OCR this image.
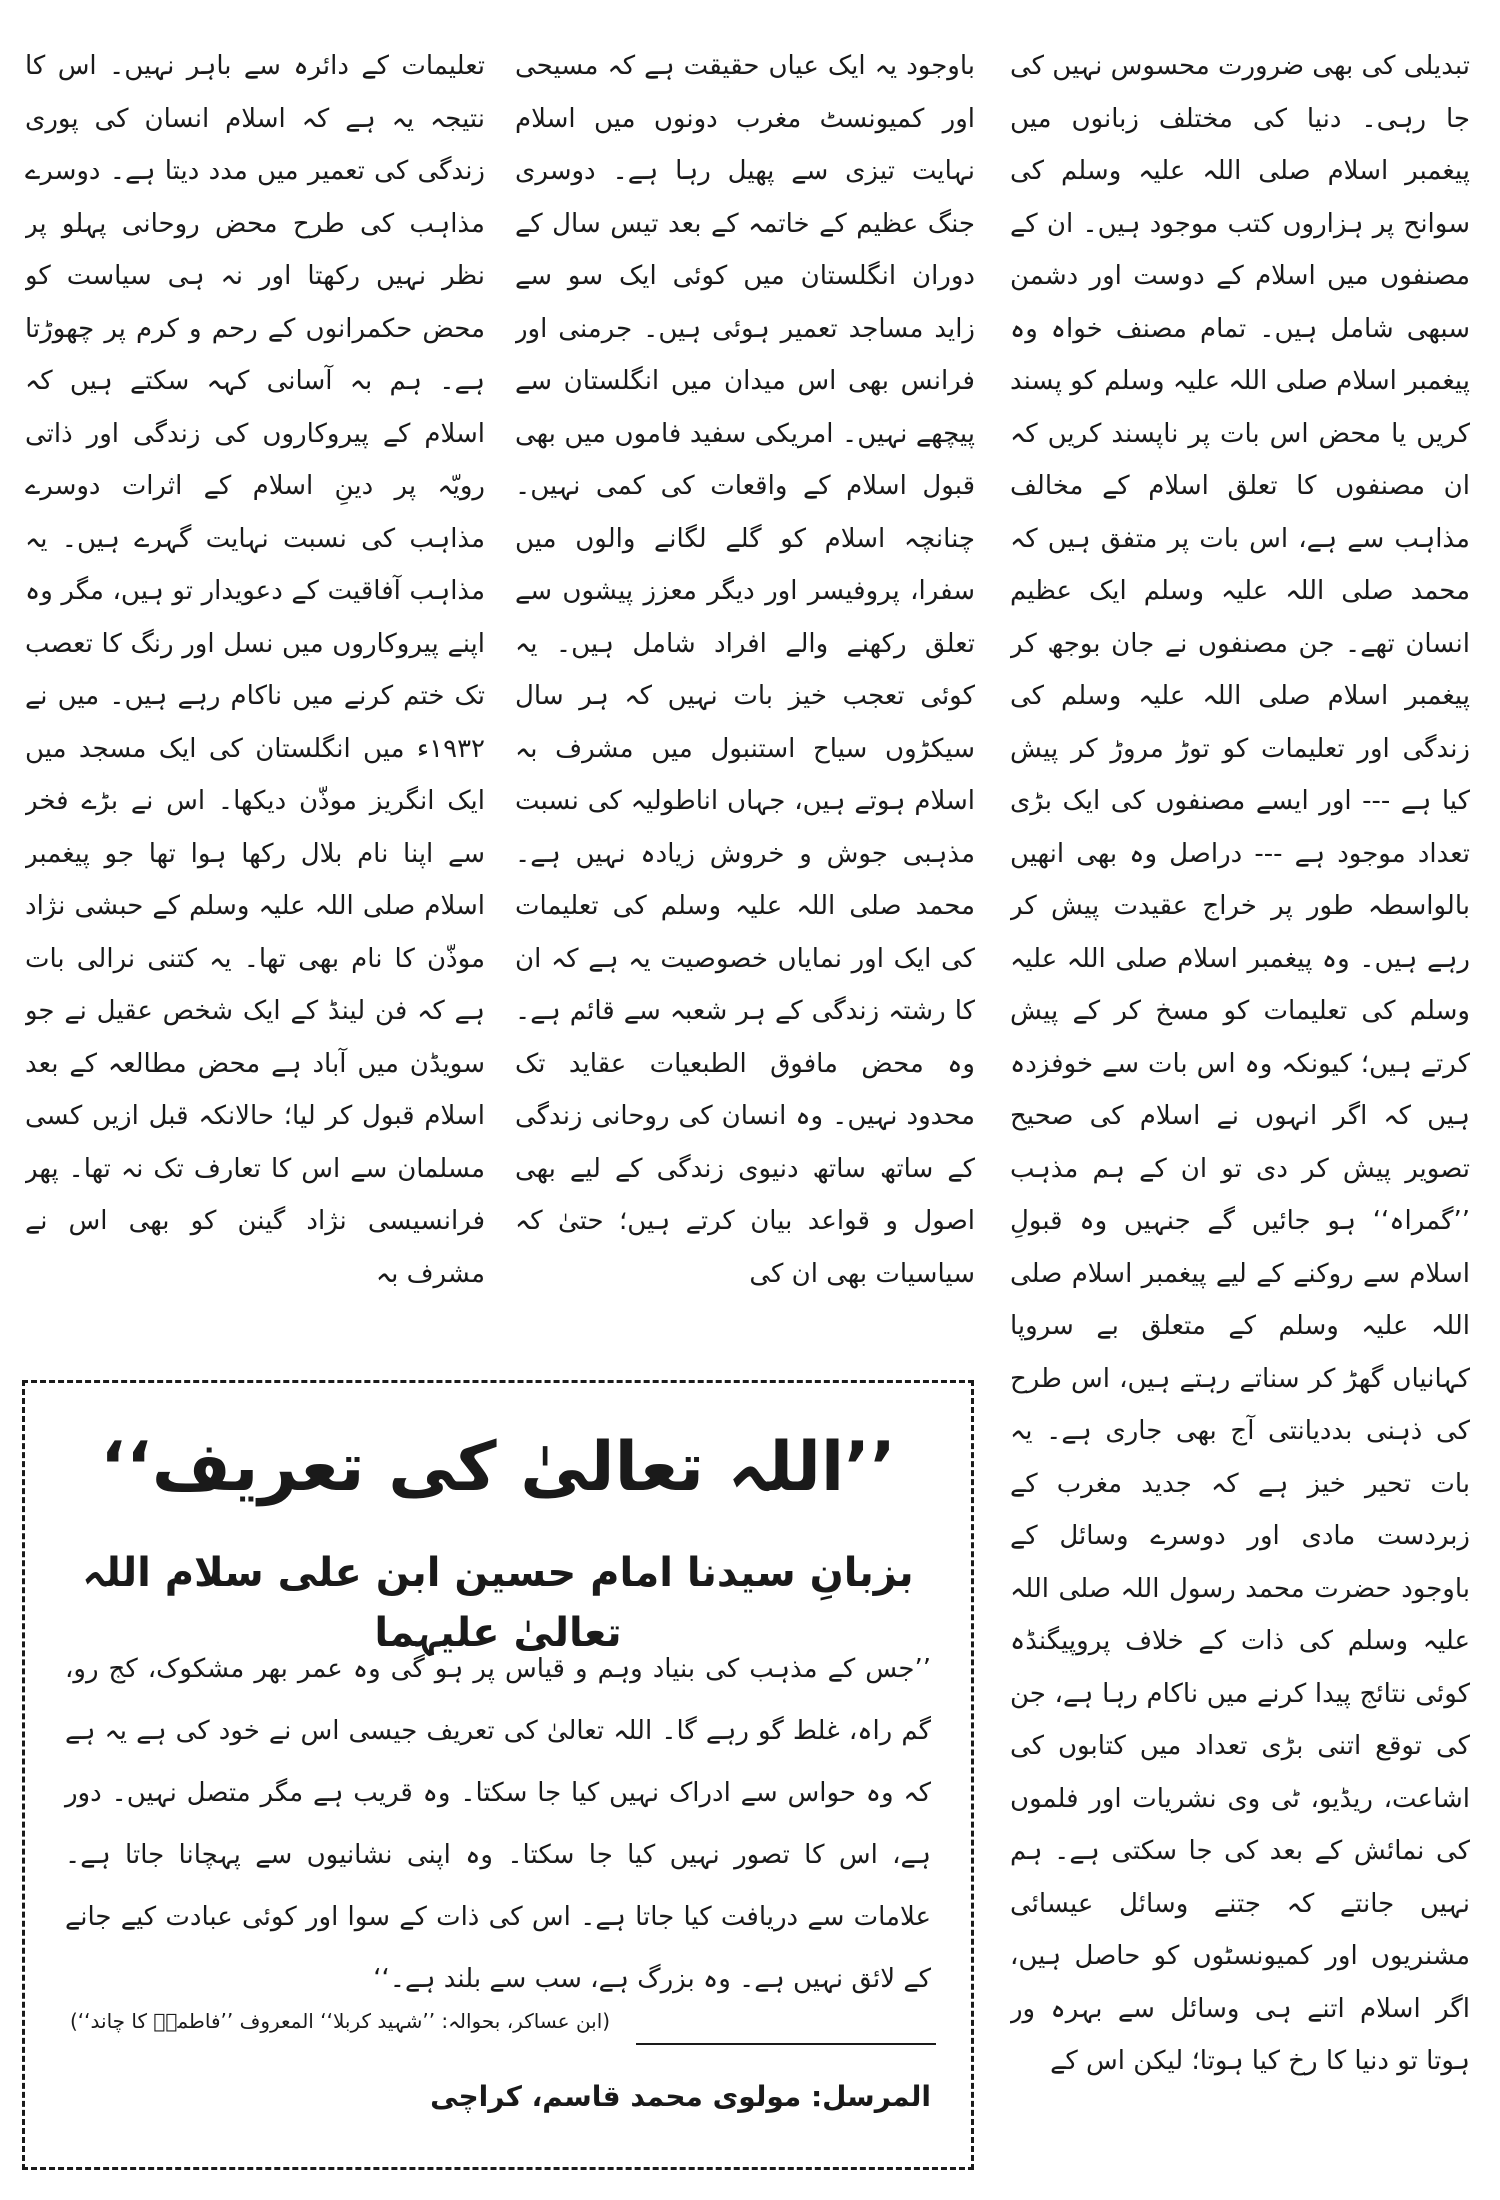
تبدیلی کی بھی ضرورت محسوس نہیں کی جا رہی۔ دنیا کی مختلف زبانوں میں پیغمبر اسلام صلی اللہ علیہ وسلم کی سوانح پر ہزاروں کتب موجود ہیں۔ ان کے مصنفوں میں اسلام کے دوست اور دشمن سبھی شامل ہیں۔ تمام مصنف خواہ وہ پیغمبر اسلام صلی اللہ علیہ وسلم کو پسند کریں یا محض اس بات پر ناپسند کریں کہ ان مصنفوں کا تعلق اسلام کے مخالف مذاہب سے ہے، اس بات پر متفق ہیں کہ محمد صلی اللہ علیہ وسلم ایک عظیم انسان تھے۔ جن مصنفوں نے جان بوجھ کر پیغمبر اسلام صلی اللہ علیہ وسلم کی زندگی اور تعلیمات کو توڑ مروڑ کر پیش کیا ہے --- اور ایسے مصنفوں کی ایک بڑی تعداد موجود ہے --- دراصل وہ بھی انھیں بالواسطہ طور پر خراج عقیدت پیش کر رہے ہیں۔ وہ پیغمبر اسلام صلی اللہ علیہ وسلم کی تعلیمات کو مسخ کر کے پیش کرتے ہیں؛ کیونکہ وہ اس بات سے خوفزدہ ہیں کہ اگر انہوں نے اسلام کی صحیح تصویر پیش کر دی تو ان کے ہم مذہب ’’گمراہ‘‘ ہو جائیں گے جنہیں وہ قبولِ اسلام سے روکنے کے لیے پیغمبر اسلام صلی اللہ علیہ وسلم کے متعلق بے سروپا کہانیاں گھڑ کر سناتے رہتے ہیں، اس طرح کی ذہنی بددیانتی آج بھی جاری ہے۔ یہ بات تحیر خیز ہے کہ جدید مغرب کے زبردست مادی اور دوسرے وسائل کے باوجود حضرت محمد رسول اللہ صلی اللہ علیہ وسلم کی ذات کے خلاف پروپیگنڈہ کوئی نتائج پیدا کرنے میں ناکام رہا ہے، جن کی توقع اتنی بڑی تعداد میں کتابوں کی اشاعت، ریڈیو، ٹی وی نشریات اور فلموں کی نمائش کے بعد کی جا سکتی ہے۔ ہم نہیں جانتے کہ جتنے وسائل عیسائی مشنریوں اور کمیونسٹوں کو حاصل ہیں، اگر اسلام اتنے ہی وسائل سے بہرہ ور ہوتا تو دنیا کا رخ کیا ہوتا؛ لیکن اس کے

باوجود یہ ایک عیاں حقیقت ہے کہ مسیحی اور کمیونسٹ مغرب دونوں میں اسلام نہایت تیزی سے پھیل رہا ہے۔ دوسری جنگ عظیم کے خاتمہ کے بعد تیس سال کے دوران انگلستان میں کوئی ایک سو سے زاید مساجد تعمیر ہوئی ہیں۔ جرمنی اور فرانس بھی اس میدان میں انگلستان سے پیچھے نہیں۔ امریکی سفید فاموں میں بھی قبول اسلام کے واقعات کی کمی نہیں۔ چنانچہ اسلام کو گلے لگانے والوں میں سفرا، پروفیسر اور دیگر معزز پیشوں سے تعلق رکھنے والے افراد شامل ہیں۔ یہ کوئی تعجب خیز بات نہیں کہ ہر سال سیکڑوں سیاح استنبول میں مشرف بہ اسلام ہوتے ہیں، جہاں اناطولیہ کی نسبت مذہبی جوش و خروش زیادہ نہیں ہے۔ محمد صلی اللہ علیہ وسلم کی تعلیمات کی ایک اور نمایاں خصوصیت یہ ہے کہ ان کا رشتہ زندگی کے ہر شعبہ سے قائم ہے۔ وہ محض مافوق الطبعیات عقاید تک محدود نہیں۔ وہ انسان کی روحانی زندگی کے ساتھ ساتھ دنیوی زندگی کے لیے بھی اصول و قواعد بیان کرتے ہیں؛ حتیٰ کہ سیاسیات بھی ان کی

تعلیمات کے دائرہ سے باہر نہیں۔ اس کا نتیجہ یہ ہے کہ اسلام انسان کی پوری زندگی کی تعمیر میں مدد دیتا ہے۔ دوسرے مذاہب کی طرح محض روحانی پہلو پر نظر نہیں رکھتا اور نہ ہی سیاست کو محض حکمرانوں کے رحم و کرم پر چھوڑتا ہے۔ ہم بہ آسانی کہہ سکتے ہیں کہ اسلام کے پیروکاروں کی زندگی اور ذاتی رویّہ پر دینِ اسلام کے اثرات دوسرے مذاہب کی نسبت نہایت گہرے ہیں۔ یہ مذاہب آفاقیت کے دعویدار تو ہیں، مگر وہ اپنے پیروکاروں میں نسل اور رنگ کا تعصب تک ختم کرنے میں ناکام رہے ہیں۔ میں نے ۱۹۳۲ء میں انگلستان کی ایک مسجد میں ایک انگریز موذّن دیکھا۔ اس نے بڑے فخر سے اپنا نام بلال رکھا ہوا تھا جو پیغمبر اسلام صلی اللہ علیہ وسلم کے حبشی نژاد موذّن کا نام بھی تھا۔ یہ کتنی نرالی بات ہے کہ فن لینڈ کے ایک شخص عقیل نے جو سویڈن میں آباد ہے محض مطالعہ کے بعد اسلام قبول کر لیا؛ حالانکہ قبل ازیں کسی مسلمان سے اس کا تعارف تک نہ تھا۔ پھر فرانسیسی نژاد گینن کو بھی اس نے مشرف بہ

’’اللہ تعالیٰ کی تعریف‘‘
بزبانِ سیدنا امام حسین ابن علی سلام اللہ تعالیٰ علیہما
’’جس کے مذہب کی بنیاد وہم و قیاس پر ہو گی وہ عمر بھر مشکوک، کج رو، گم راہ، غلط گو رہے گا۔ اللہ تعالیٰ کی تعریف جیسی اس نے خود کی ہے یہ ہے کہ وہ حواس سے ادراک نہیں کیا جا سکتا۔ وہ قریب ہے مگر متصل نہیں۔ دور ہے، اس کا تصور نہیں کیا جا سکتا۔ وہ اپنی نشانیوں سے پہچانا جاتا ہے۔ علامات سے دریافت کیا جاتا ہے۔ اس کی ذات کے سوا اور کوئی عبادت کیے جانے کے لائق نہیں ہے۔ وہ بزرگ ہے، سب سے بلند ہے۔‘‘
(ابن عساکر، بحوالہ: ’’شہید کربلا‘‘ المعروف ’’فاطمہؑ کا چاند‘‘)
المرسل: مولوی محمد قاسم، کراچی
